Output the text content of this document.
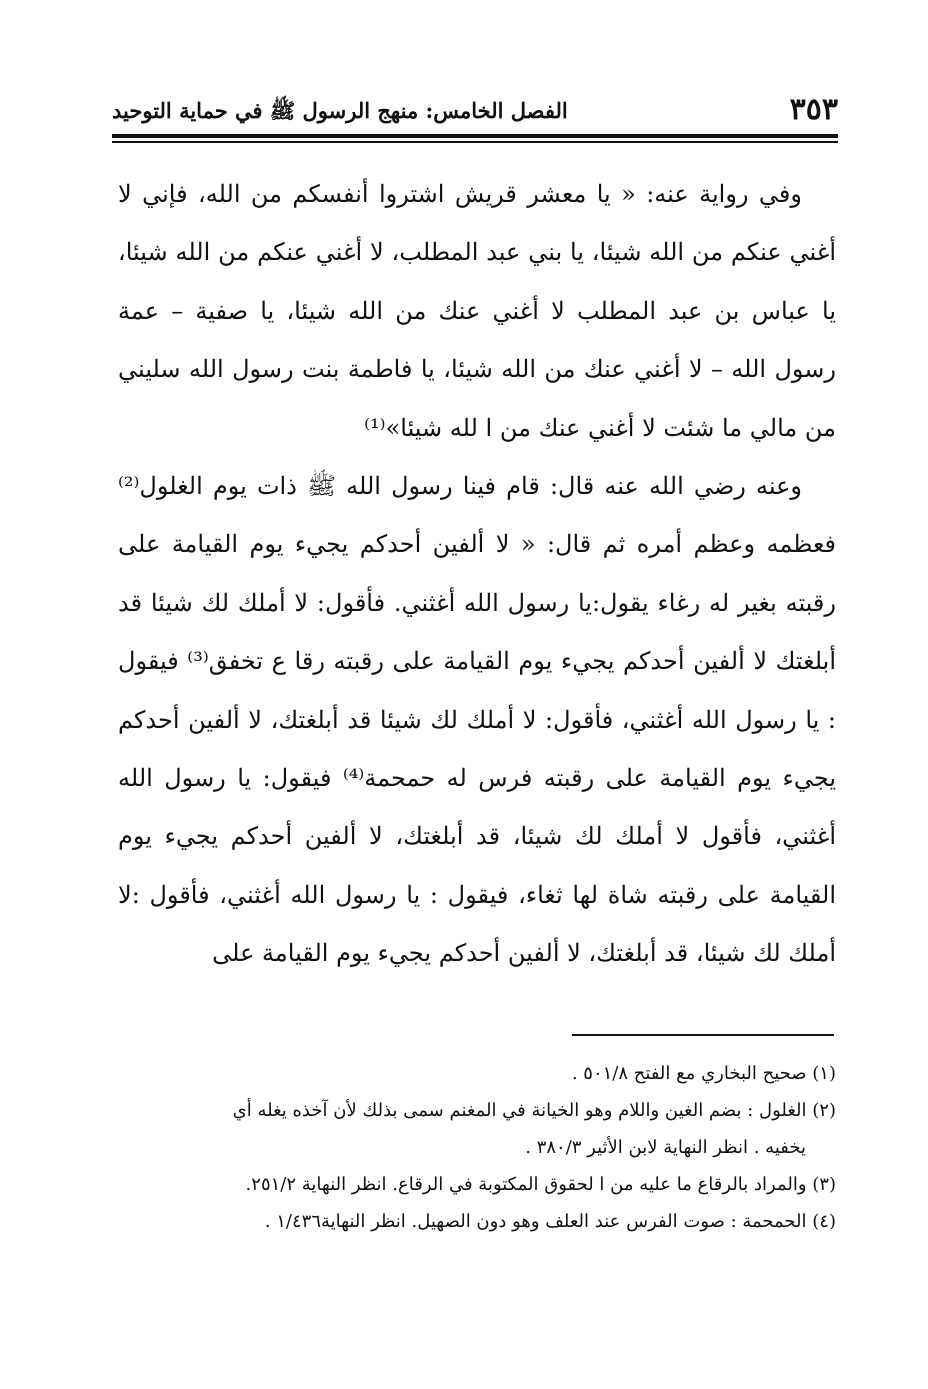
٣٥٣
الفصل الخامس: منهج الرسول ﷺ في حماية التوحيد

وفي رواية عنه: « يا معشر قريش اشتروا أنفسكم من الله، فإني لا أغني عنكم من الله شيئا، يا بني عبد المطلب، لا أغني عنكم من الله شيئا، يا عباس بن عبد المطلب لا أغني عنك من الله شيئا، يا صفية – عمة رسول الله – لا أغني عنك من الله شيئا، يا فاطمة بنت رسول الله سليني من مالي ما شئت لا أغني عنك من ا لله شيئا»⁽¹⁾

وعنه رضي الله عنه قال: قام فينا رسول الله ﷺ ذات يوم الغلول⁽²⁾ فعظمه وعظم أمره ثم قال: « لا ألفين أحدكم يجيء يوم القيامة على رقبته بغير له رغاء يقول:يا رسول الله أغثني. فأقول: لا أملك لك شيئا قد أبلغتك لا ألفين أحدكم يجيء يوم القيامة على رقبته رقا ع تخفق⁽³⁾ فيقول : يا رسول الله أغثني، فأقول: لا أملك لك شيئا قد أبلغتك، لا ألفين أحدكم يجيء يوم القيامة على رقبته فرس له حمحمة⁽⁴⁾ فيقول: يا رسول الله أغثني، فأقول لا أملك لك شيئا، قد أبلغتك، لا ألفين أحدكم يجيء يوم القيامة على رقبته شاة لها ثغاء، فيقول : يا رسول الله أغثني، فأقول :لا أملك لك شيئا، قد أبلغتك، لا ألفين أحدكم يجيء يوم القيامة على

(١) صحيح البخاري مع الفتح ٥٠١/٨ .

(٢) الغلول : بضم الغين واللام وهو الخيانة في المغنم سمى بذلك لأن آخذه يغله أي

يخفيه . انظر النهاية لابن الأثير ٣٨٠/٣ .

(٣) والمراد بالرقاع ما عليه من ا لحقوق المكتوبة في الرقاع. انظر النهاية ٢٥١/٢.

(٤) الحمحمة : صوت الفرس عند العلف وهو دون الصهيل. انظر النهاية١/٤٣٦ .
